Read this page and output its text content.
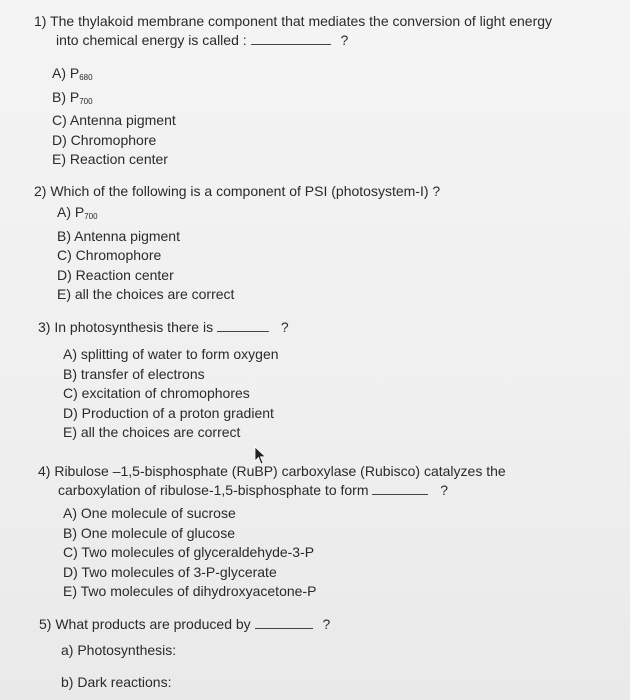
1) The thylakoid membrane component that mediates the conversion of light energy
into chemical energy is called :	?
A) $P_{680}$
B) $P_{700}$
C) Antenna pigment
D) Chromophore
E) Reaction center
2) Which of the following is a component of PSI (photosystem-I) ?
A) $P_{700}$
B) Antenna pigment
C) Chromophore
D) Reaction center
E) all the choices are correct
3) In photosynthesis there is	?
A) splitting of water to form oxygen
B) transfer of electrons
C) excitation of chromophores
D) Production of a proton gradient
E) all the choices are correct
4) Ribulose –1,5-bisphosphate (RuBP) carboxylase (Rubisco) catalyzes the
carboxylation of ribulose-1,5-bisphosphate to form	?
A) One molecule of sucrose
B) One molecule of glucose
C) Two molecules of glyceraldehyde-3-P
D) Two molecules of 3-P-glycerate
E) Two molecules of dihydroxyacetone-P
5) What products are produced by	?
a) Photosynthesis:
b) Dark reactions:
